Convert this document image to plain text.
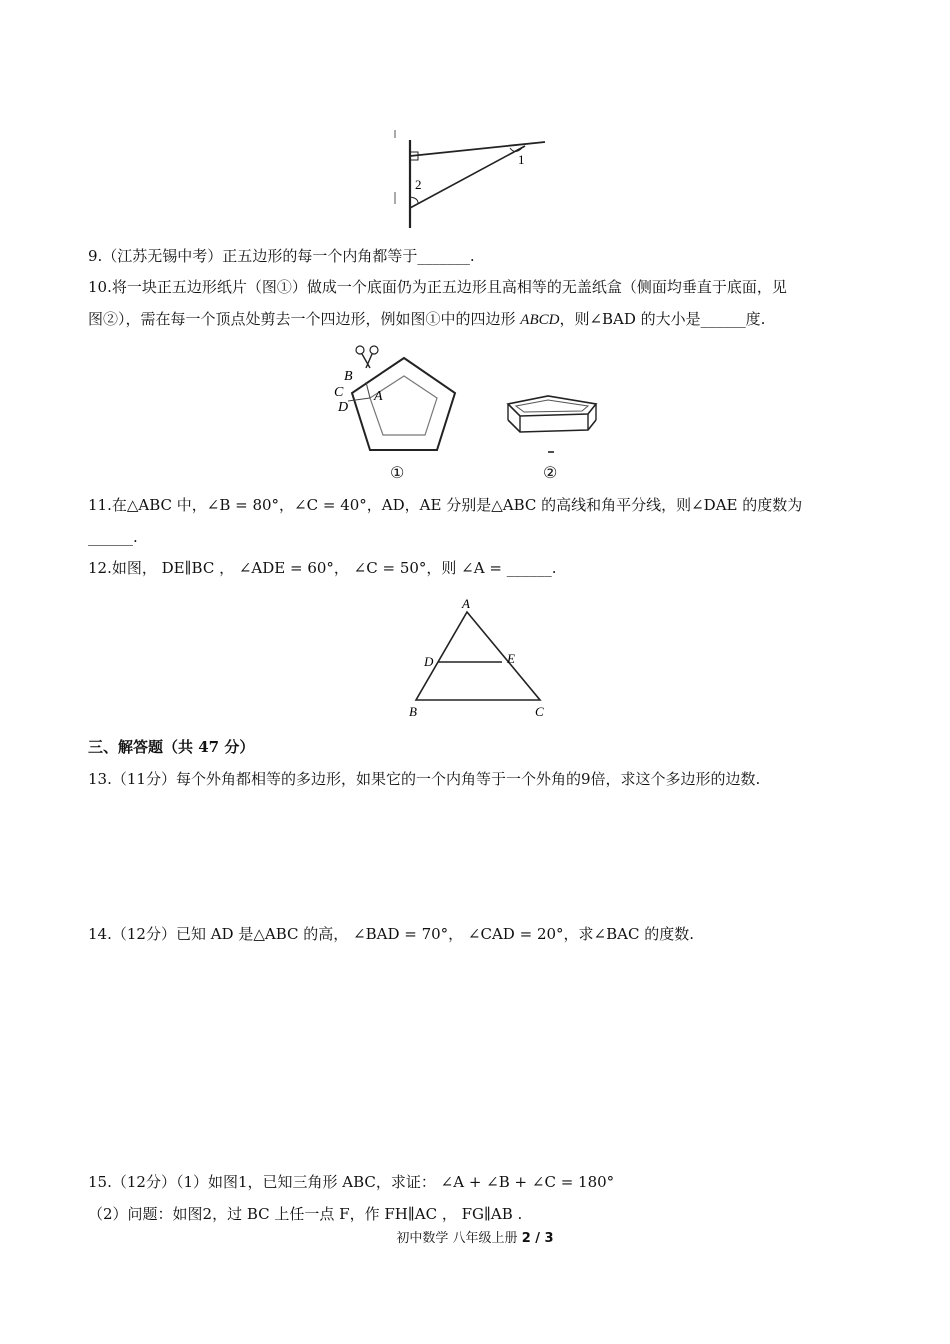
1
2
9.（江苏无锡中考）正五边形的每一个内角都等于_______.
10.将一块正五边形纸片（图①）做成一个底面仍为正五边形且高相等的无盖纸盒（侧面均垂直于底面，见
图②），需在每一个顶点处剪去一个四边形，例如图①中的四边形 ABCD，则∠BAD 的大小是______度.
B
C
D
A
①	②
11.在△ABC 中，∠B = 80°，∠C = 40°，AD，AE 分别是△ABC 的高线和角平分线，则∠DAE 的度数为
______.
12.如图， DE∥BC ， ∠ADE = 60°， ∠C = 50°，则 ∠A = ______.
A
D	E
B	C
三、解答题（共 47 分）
13.（11分）每个外角都相等的多边形，如果它的一个内角等于一个外角的9倍，求这个多边形的边数.
14.（12分）已知 AD 是△ABC 的高， ∠BAD = 70°， ∠CAD = 20°，求∠BAC 的度数.
15.（12分）（1）如图1，已知三角形 ABC，求证： ∠A + ∠B + ∠C = 180°
（2）问题：如图2，过 BC 上任一点 F，作 FH∥AC ， FG∥AB .
初中数学 八年级上册 2 / 3
